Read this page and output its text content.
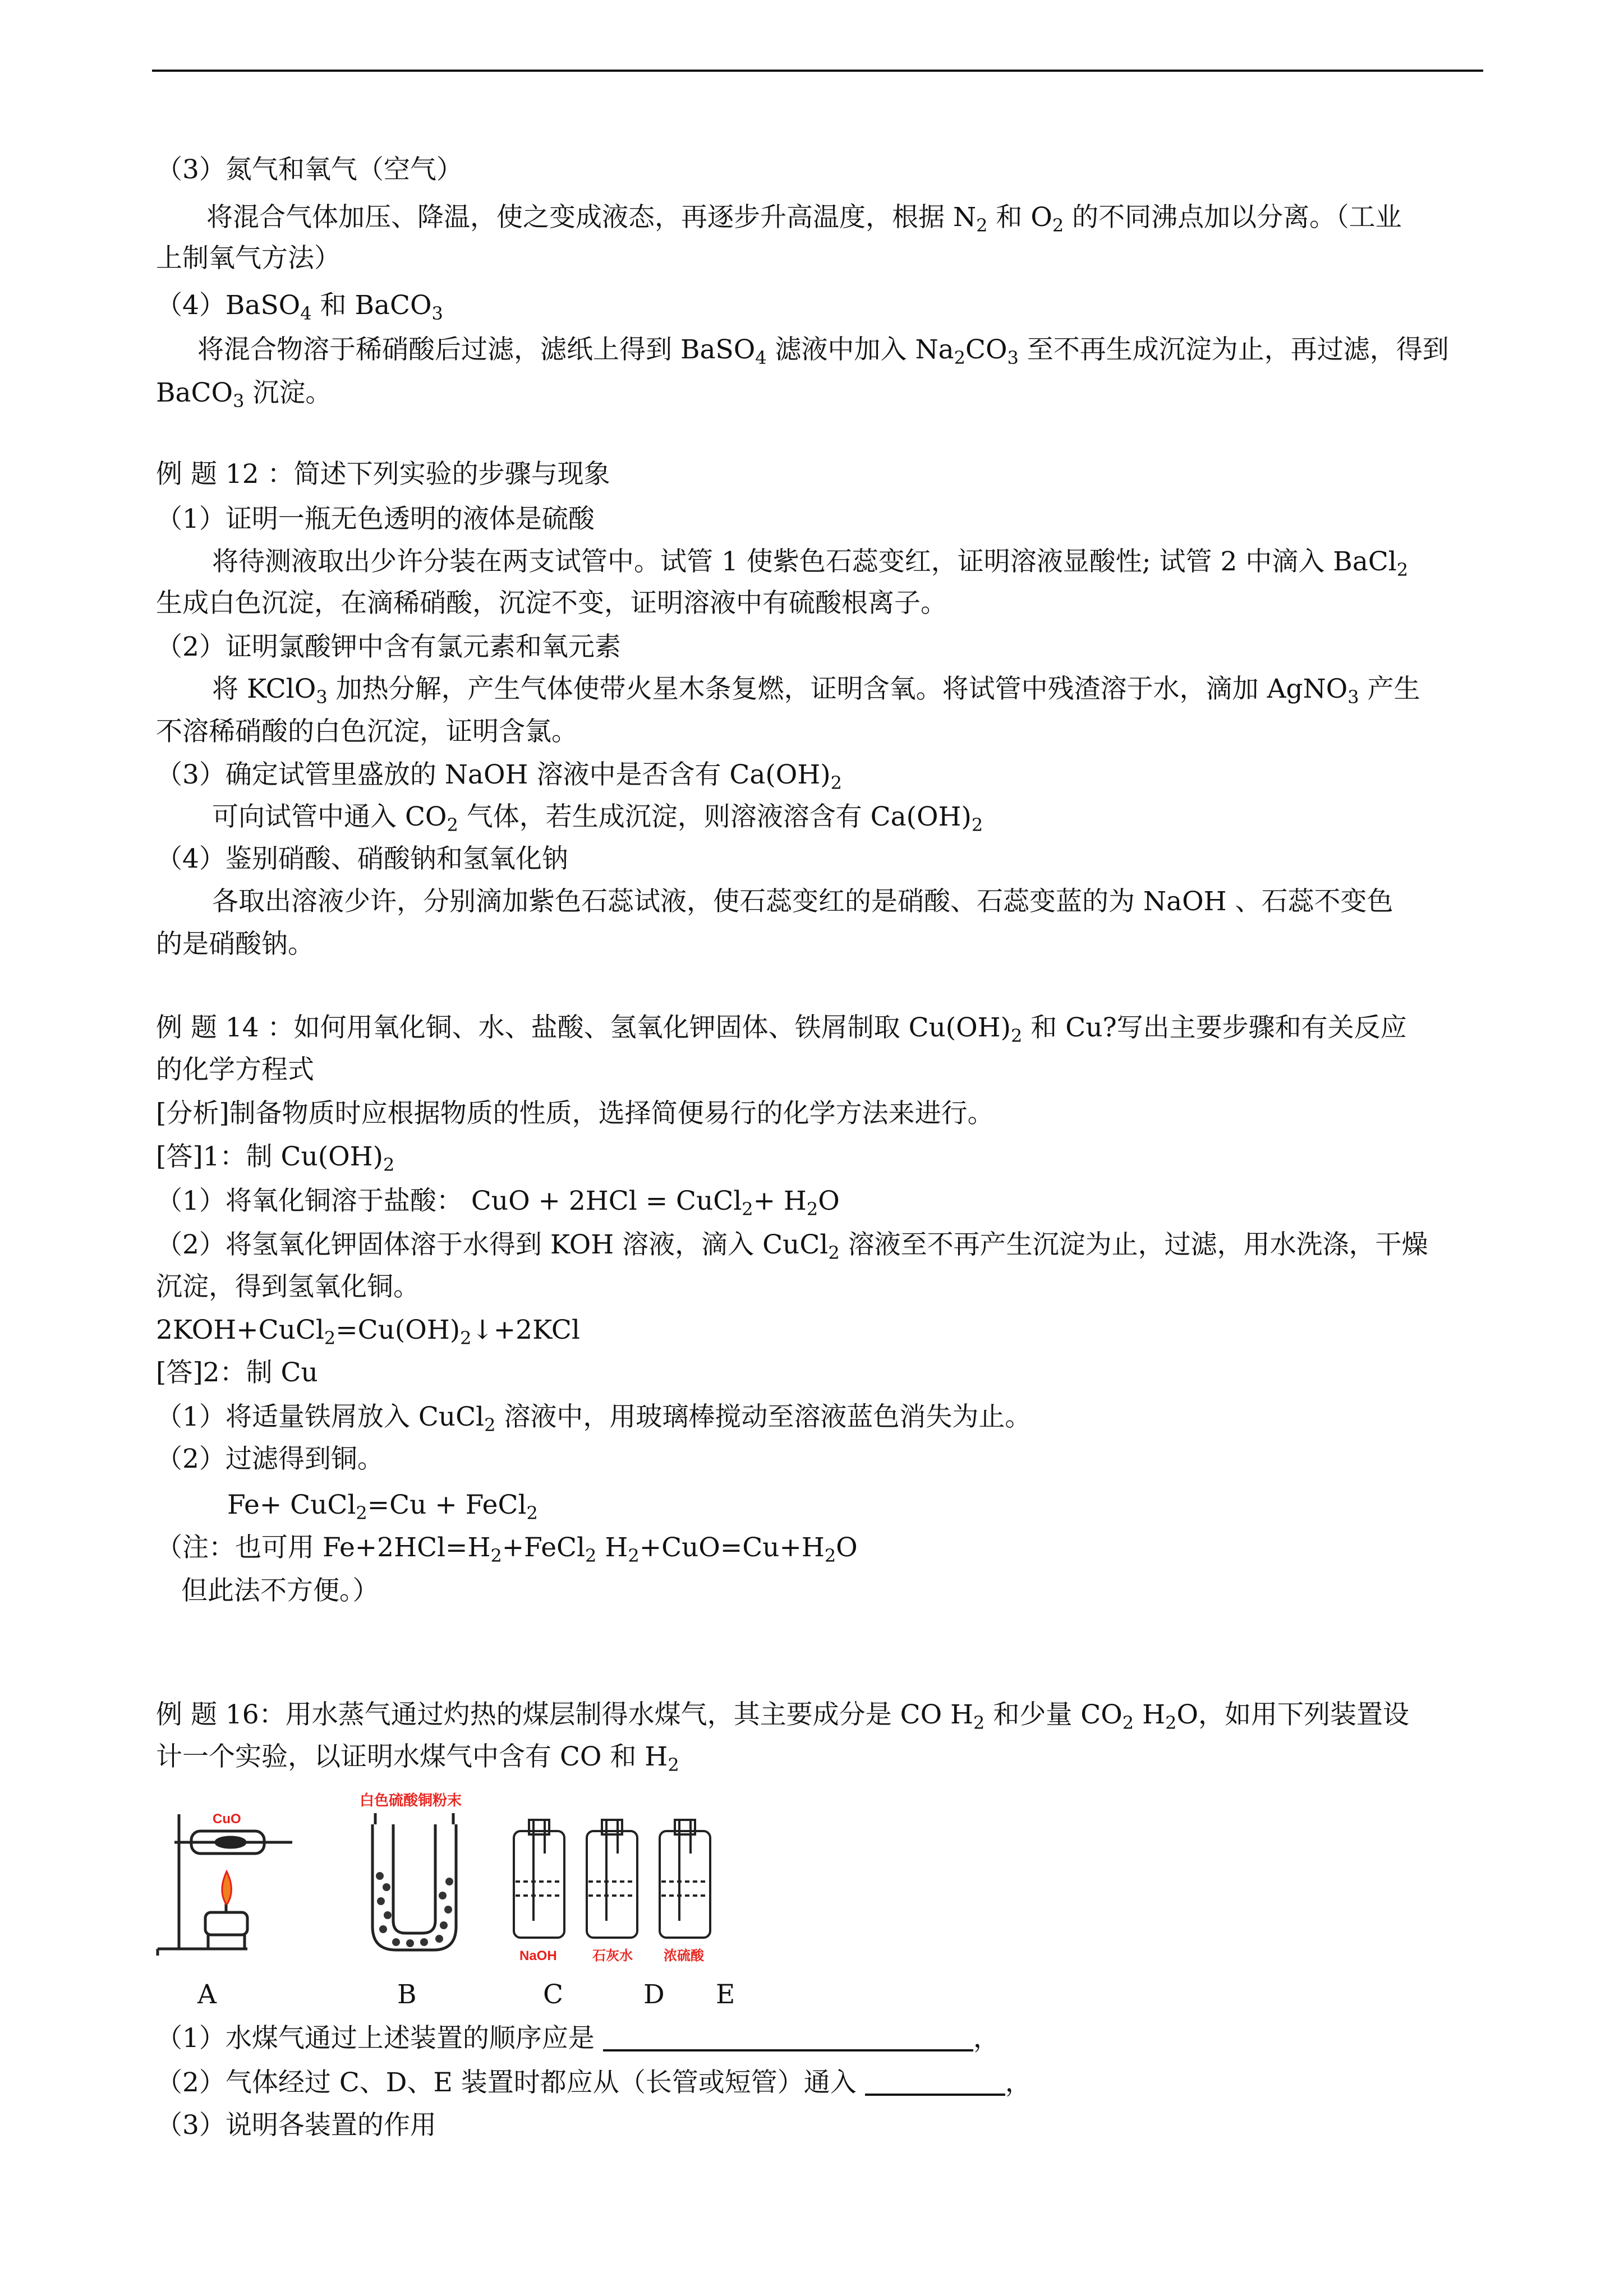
（3）氮气和氧气（空气）
将混合气体加压、降温，使之变成液态，再逐步升高温度，根据 $N_2$ 和 $O_2$ 的不同沸点加以分离。（工业
上制氧气方法）
（4）BaSO$_4$ 和 BaCO$_3$
将混合物溶于稀硝酸后过滤，滤纸上得到 BaSO$_4$ 滤液中加入 $Na_2CO_3$ 至不再生成沉淀为止，再过滤，得到
BaCO$_3$ 沉淀。
例 题 12 ：简述下列实验的步骤与现象
（1）证明一瓶无色透明的液体是硫酸
将待测液取出少许分装在两支试管中。试管 1 使紫色石蕊变红，证明溶液显酸性; 试管 2 中滴入 BaCl$_2$
生成白色沉淀，在滴稀硝酸，沉淀不变，证明溶液中有硫酸根离子。
（2）证明氯酸钾中含有氯元素和氧元素
将 KClO$_3$ 加热分解，产生气体使带火星木条复燃，证明含氧。将试管中残渣溶于水，滴加 AgNO$_3$ 产生
不溶稀硝酸的白色沉淀，证明含氯。
（3）确定试管里盛放的 NaOH 溶液中是否含有 $Ca(OH)_2$
可向试管中通入 $CO_2$ 气体，若生成沉淀，则溶液溶含有 $Ca(OH)_2$
（4）鉴别硝酸、硝酸钠和氢氧化钠
各取出溶液少许，分别滴加紫色石蕊试液，使石蕊变红的是硝酸、石蕊变蓝的为 NaOH 、石蕊不变色
的是硝酸钠。
例 题 14 ：如何用氧化铜、水、盐酸、氢氧化钾固体、铁屑制取 $Cu(OH)_2$ 和 Cu?写出主要步骤和有关反应
的化学方程式
[分析]制备物质时应根据物质的性质，选择简便易行的化学方法来进行。
[答]1：制 $Cu(OH)_2$
（1）将氧化铜溶于盐酸： CuO + 2HCl = CuCl$_2$+ $H_2O$
（2）将氢氧化钾固体溶于水得到 KOH 溶液，滴入 CuCl$_2$ 溶液至不再产生沉淀为止，过滤，用水洗涤，干燥
沉淀，得到氢氧化铜。
$2KOH+CuCl_2=Cu(OH)_2↓+2KCl$
[答]2：制 Cu
（1）将适量铁屑放入 CuCl$_2$ 溶液中，用玻璃棒搅动至溶液蓝色消失为止。
（2）过滤得到铜。
Fe+ CuCl$_2$=Cu + FeCl$_2$
（注：也可用 $Fe+2HCl=H_2+FeCl_2$ $H_2+CuO=Cu+H_2O$
但此法不方便。）
例 题 16：用水蒸气通过灼热的煤层制得水煤气，其主要成分是 CO $H_2$ 和少量 $CO_2$ $H_2O$，如用下列装置设
计一个实验，以证明水煤气中含有 CO 和 $H_2$
CuO
白色硫酸铜粉末
NaOH	石灰水 浓硫酸
A	B	C	D E
（1）水煤气通过上述装置的顺序应是	，
（2）气体经过 C、D、E 装置时都应从（长管或短管）通入	，
（3）说明各装置的作用
